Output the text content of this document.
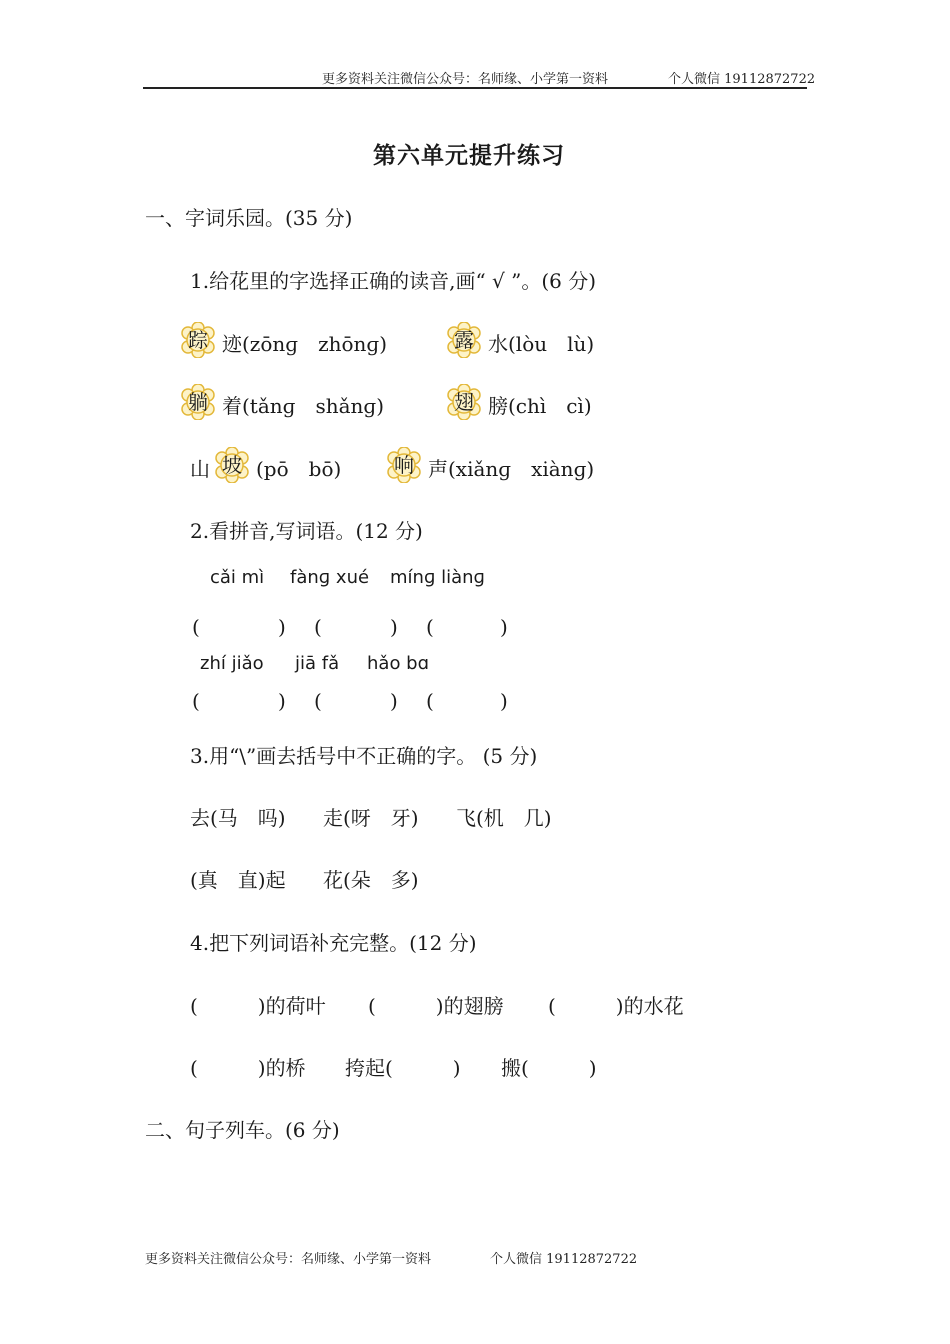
更多资料关注微信公众号：名师缘、小学第一资料	个人微信 19112872722
第六单元提升练习
一、字词乐园。(35 分)
1.给花里的字选择正确的读音,画“ √ ”。(6 分)
踪 迹(zōnɡ　zhōnɡ)	露 水(lòu　lù)
躺 着(tǎnɡ　shǎnɡ)	翅 膀(chì　cì)
山 坡 (pō　bō)	响 声(xiǎnɡ　xiànɡ)
2.看拼音,写词语。(12 分)
cǎi mì fànɡ xué mínɡ liànɡ
(	) (	) (	)
zhí jiǎo jiā fǎ hǎo bɑ
(	) (	) (	)
3.用“\”画去括号中不正确的字。 (5 分)
去(马　吗) 走(呀　牙) 飞(机　几)
(真　直)起 花(朵　多)
4.把下列词语补充完整。(12 分)
(　　　)的荷叶 (　　　)的翅膀 (　　　)的水花
(　　　)的桥 挎起(　　　) 搬(　　　)
二、句子列车。(6 分)
更多资料关注微信公众号：名师缘、小学第一资料	个人微信 19112872722
